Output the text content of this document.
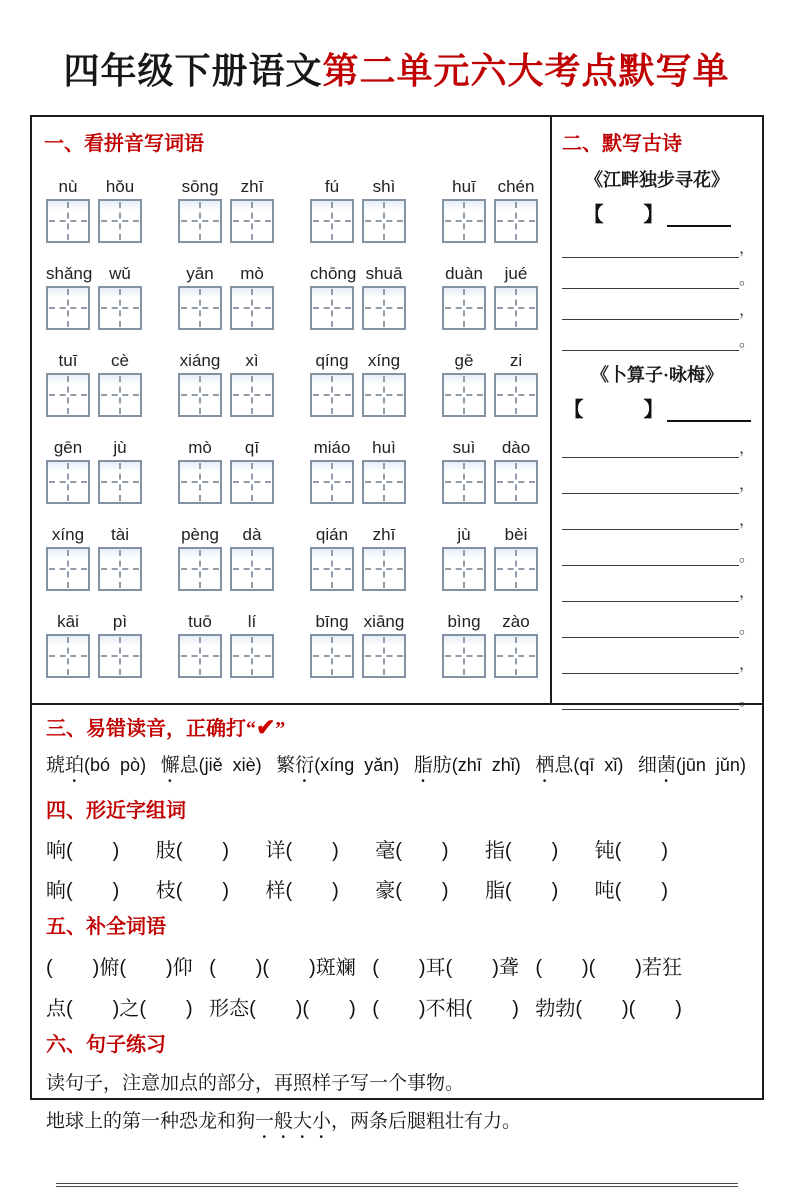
四年级下册语文第二单元六大考点默写单
一、看拼音写词语
nù	hǒu	sōng	zhī	fú	shì	huī	chén
shǎng wǔ	yān	mò	chōng shuā	duàn	jué
tuī	cè	xiáng	xì	qíng	xíng	gē	zi
gēn	jù	mò	qī	miáo	huì	suì	dào
xíng	tài	pèng	dà	qián	zhī	jù	bèi
kāi	pì	tuō	lí	bīng xiāng	bìng	zào
二、默写古诗
《江畔独步寻花》
【　　】
，
。
，
。
《卜算子·咏梅》
【　　　】
，
，
，
。
，
。
，
。
三、易错读音，正确打“✔”
琥珀(bó  pò) 懈息(jiě  xiè) 繁衍(xíng  yǎn) 脂肪(zhī  zhǐ) 栖息(qī  xǐ) 细菌(jūn  jǔn)
四、形近字组词
响(　　) 肢(　　) 详(　　) 毫(　　) 指(　　) 钝(　　)
晌(　　) 枝(　　) 样(　　) 豪(　　) 脂(　　) 吨(　　)
五、补全词语
(　　)俯(　　)仰 (　　)(　　)斑斓 (　　)耳(　　)聋 (　　)(　　)若狂
点(　　)之(　　) 形态(　　)(　　) (　　)不相(　　) 勃勃(　　)(　　)
六、句子练习
读句子，注意加点的部分，再照样子写一个事物。
地球上的第一种恐龙和狗一般大小，两条后腿粗壮有力。
